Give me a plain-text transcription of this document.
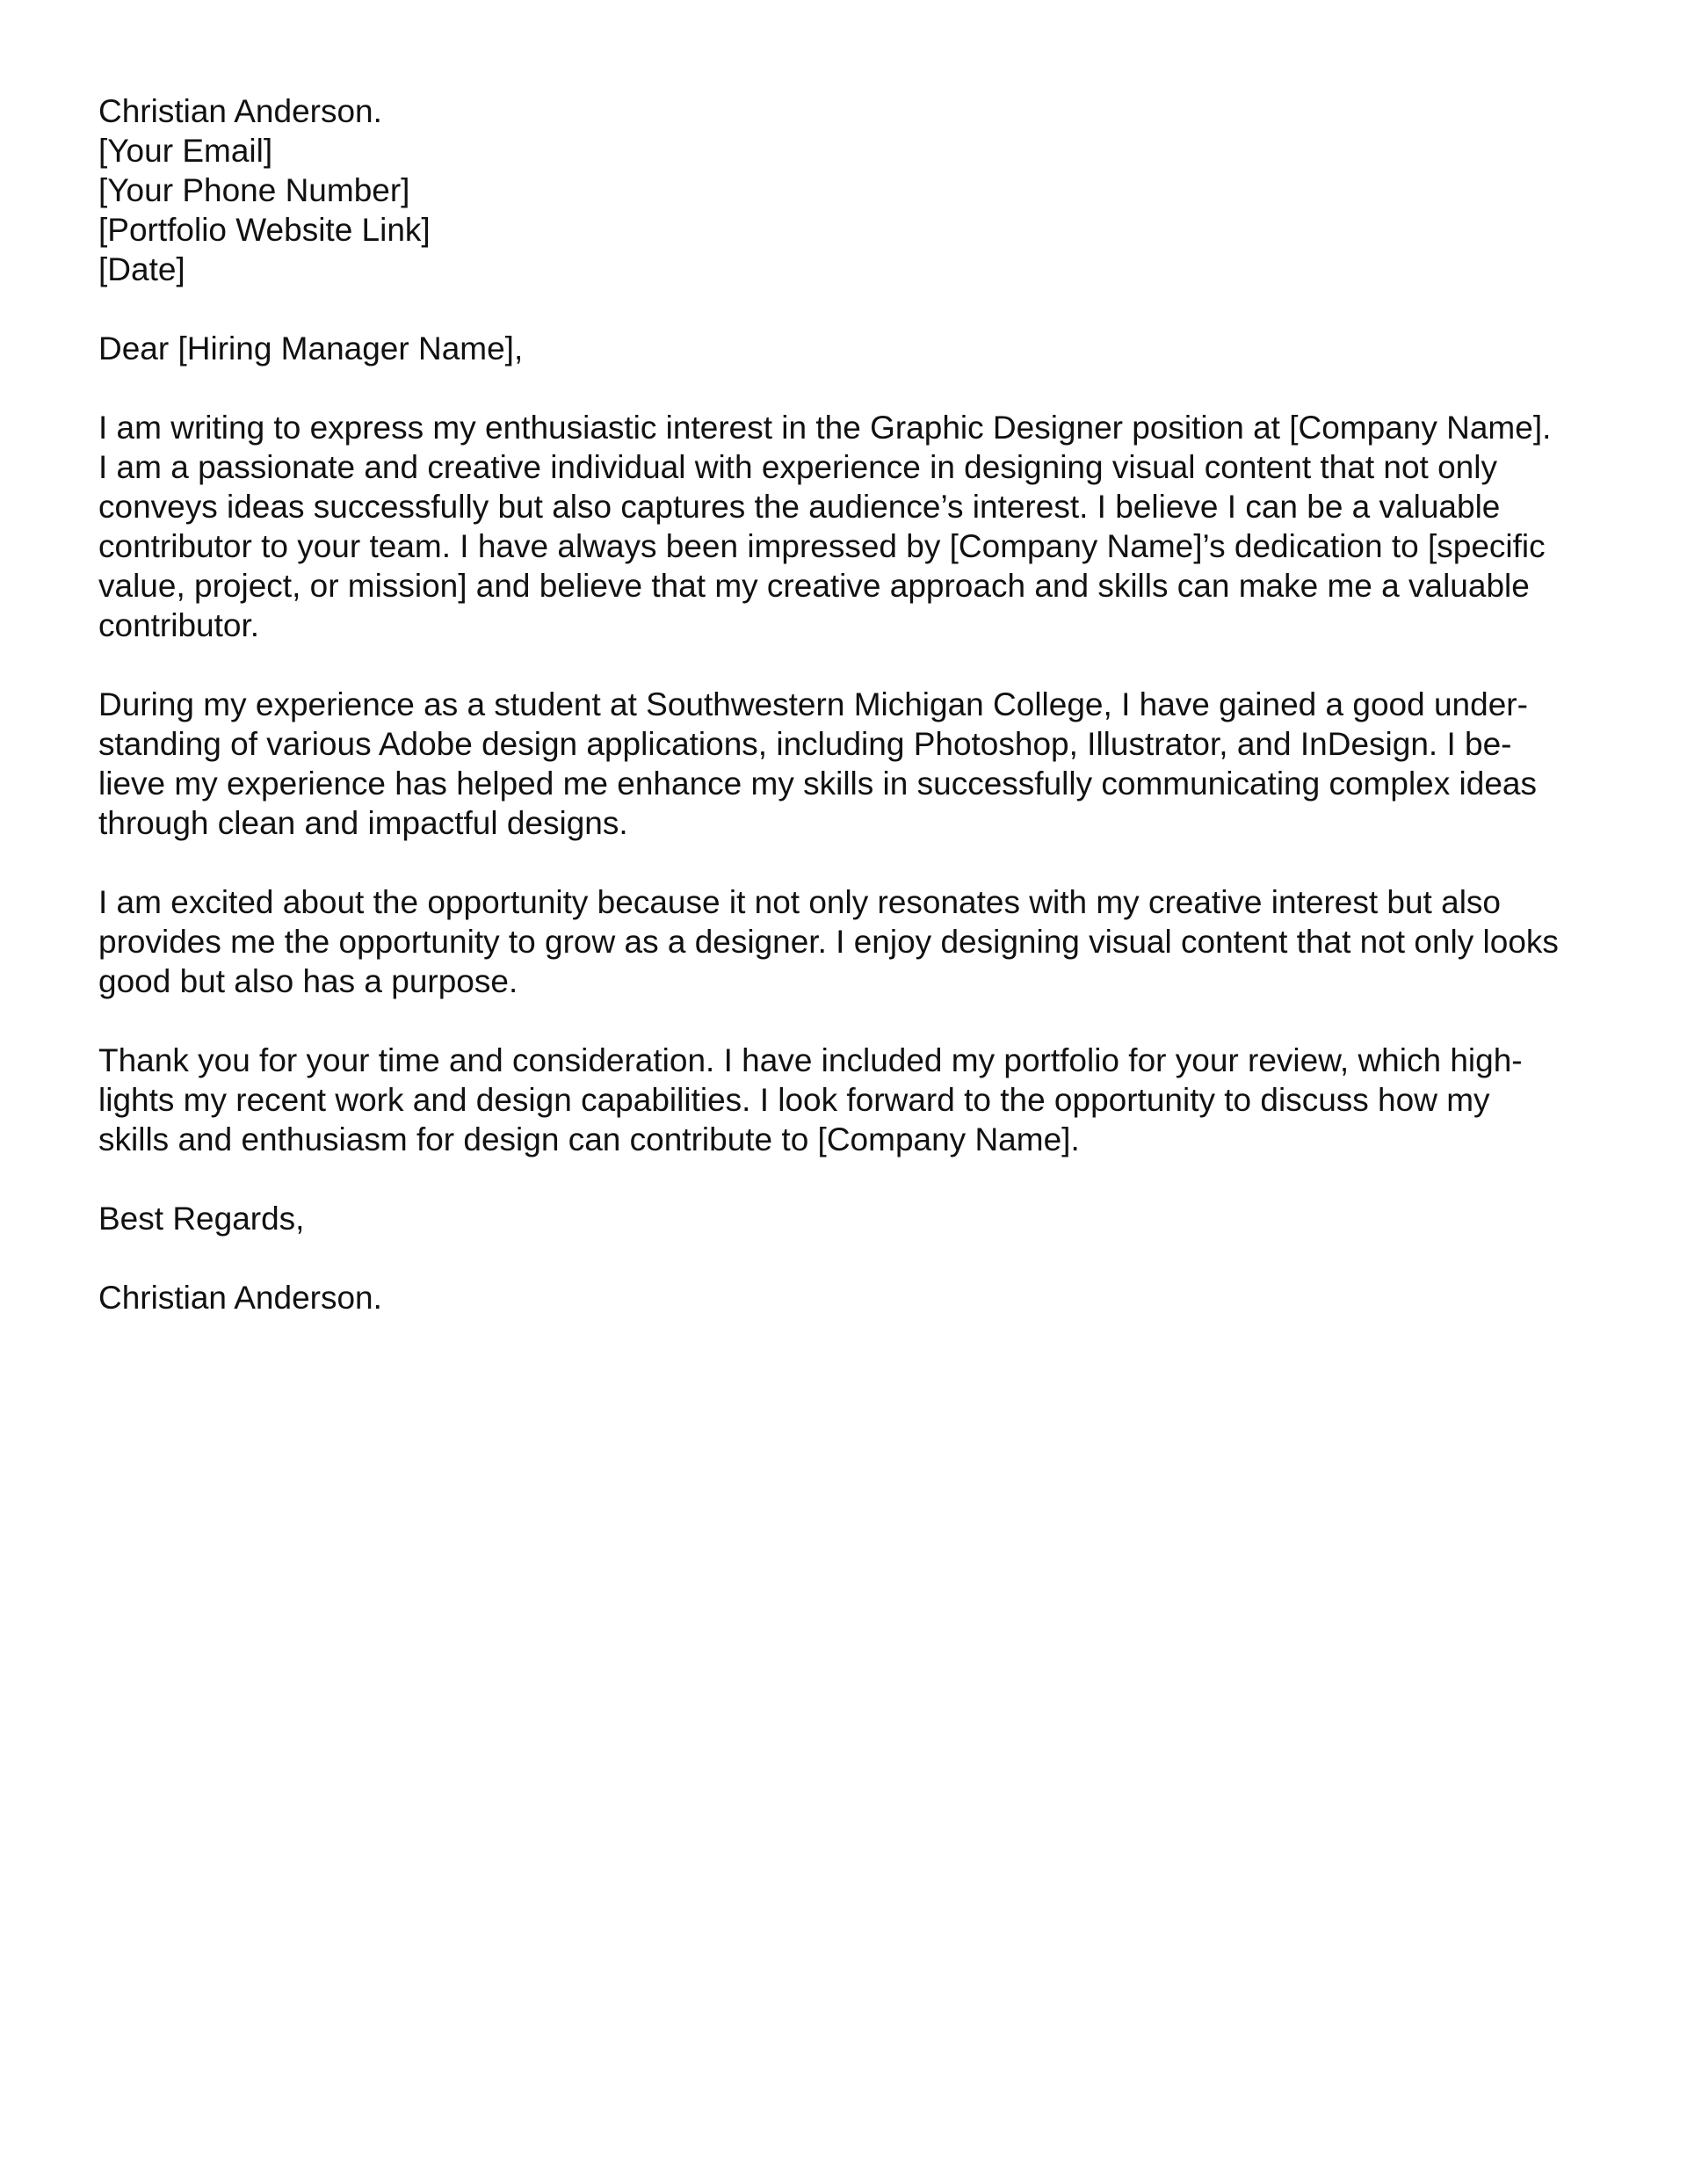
Christian Anderson.
[Your Email]
[Your Phone Number]
[Portfolio Website Link]
[Date]
Dear [Hiring Manager Name],
I am writing to express my enthusiastic interest in the Graphic Designer position at [Company Name].
I am a passionate and creative individual with experience in designing visual content that not only
conveys ideas successfully but also captures the audience’s interest. I believe I can be a valuable
contributor to your team. I have always been impressed by [Company Name]’s dedication to [specific
value, project, or mission] and believe that my creative approach and skills can make me a valuable
contributor.
During my experience as a student at Southwestern Michigan College, I have gained a good under-
standing of various Adobe design applications, including Photoshop, Illustrator, and InDesign. I be-
lieve my experience has helped me enhance my skills in successfully communicating complex ideas
through clean and impactful designs.
I am excited about the opportunity because it not only resonates with my creative interest but also
provides me the opportunity to grow as a designer. I enjoy designing visual content that not only looks
good but also has a purpose.
Thank you for your time and consideration. I have included my portfolio for your review, which high-
lights my recent work and design capabilities. I look forward to the opportunity to discuss how my
skills and enthusiasm for design can contribute to [Company Name].
Best Regards,
Christian Anderson.
